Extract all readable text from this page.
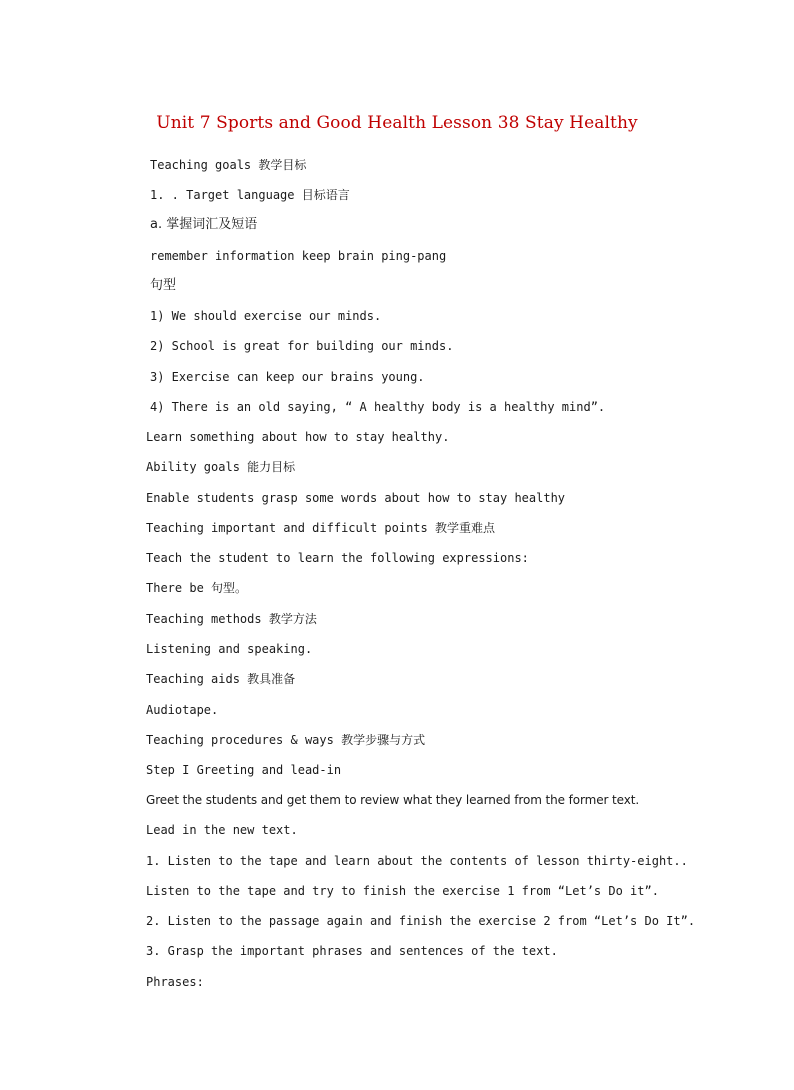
Unit 7 Sports and Good Health Lesson 38 Stay Healthy
Teaching goals 教学目标
1. . Target language 目标语言
a. 掌握词汇及短语
remember information keep brain ping-pang
句型
1) We should exercise our minds.
2) School is great for building our minds.
3) Exercise can keep our brains young.
4) There is an old saying, “ A healthy body is a healthy mind”.
Learn something about how to stay healthy.
Ability goals 能力目标
Enable students grasp some words about how to stay healthy
Teaching important and difficult points 教学重难点
Teach the student to learn the following expressions:
There be 句型。
Teaching methods 教学方法
Listening and speaking.
Teaching aids 教具准备
Audiotape.
Teaching procedures & ways 教学步骤与方式
Step I Greeting and lead-in
Greet the students and get them to review what they learned from the former text.
Lead in the new text.
1. Listen to the tape and learn about the contents of lesson thirty-eight..
Listen to the tape and try to finish the exercise 1 from “Let’s Do it”.
2. Listen to the passage again and finish the exercise 2 from “Let’s Do It”.
3. Grasp the important phrases and sentences of the text.
Phrases:
